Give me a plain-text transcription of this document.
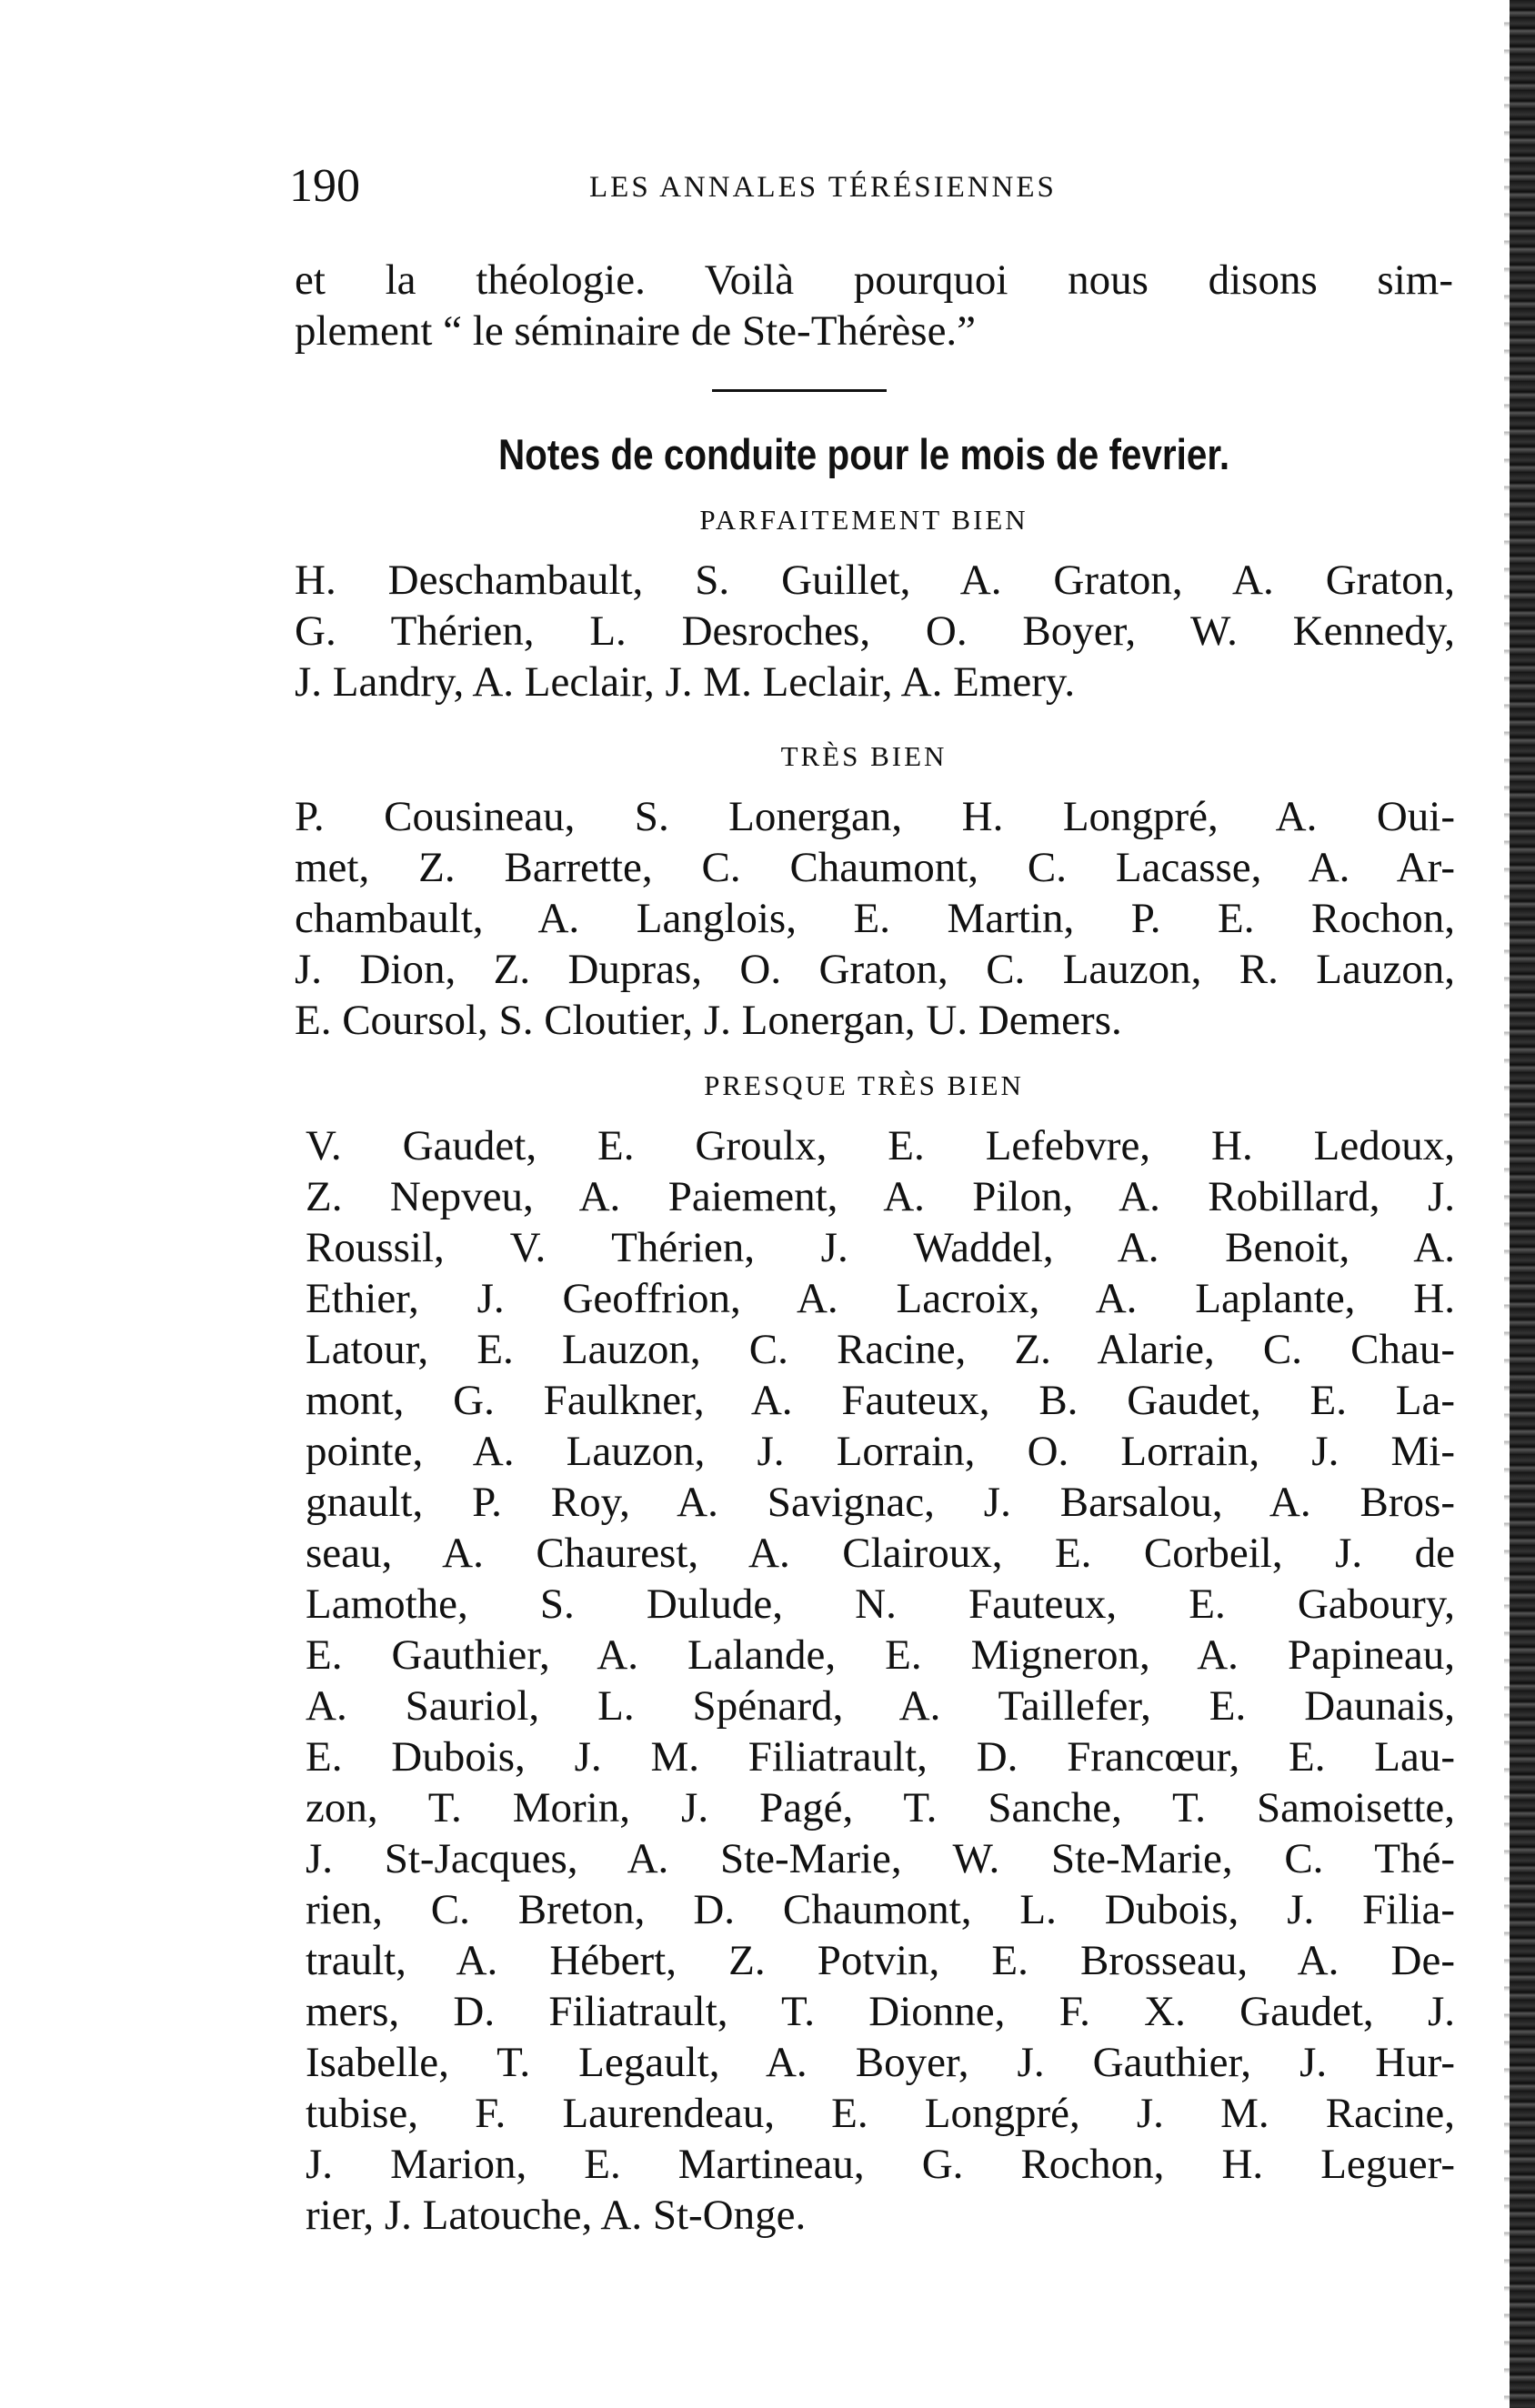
190	LES ANNALES TÉRÉSIENNES
et la théologie. Voilà pourquoi nous disons sim-
plement “ le séminaire de Ste-Thérèse.”
Notes de conduite pour le mois de fevrier.
PARFAITEMENT BIEN
H. Deschambault, S. Guillet, A. Graton, A. Graton,
G. Thérien, L. Desroches, O. Boyer, W. Kennedy,
J. Landry, A. Leclair, J. M. Leclair, A. Emery.
TRÈS BIEN
P. Cousineau, S. Lonergan, H. Longpré, A. Oui-
met, Z. Barrette, C. Chaumont, C. Lacasse, A. Ar-
chambault, A. Langlois, E. Martin, P. E. Rochon,
J. Dion, Z. Dupras, O. Graton, C. Lauzon, R. Lauzon,
E. Coursol, S. Cloutier, J. Lonergan, U. Demers.
PRESQUE TRÈS BIEN
V. Gaudet, E. Groulx, E. Lefebvre, H. Ledoux,
Z. Nepveu, A. Paiement, A. Pilon, A. Robillard, J.
Roussil, V. Thérien, J. Waddel, A. Benoit, A.
Ethier, J. Geoffrion, A. Lacroix, A. Laplante, H.
Latour, E. Lauzon, C. Racine, Z. Alarie, C. Chau-
mont, G. Faulkner, A. Fauteux, B. Gaudet, E. La-
pointe, A. Lauzon, J. Lorrain, O. Lorrain, J. Mi-
gnault, P. Roy, A. Savignac, J. Barsalou, A. Bros-
seau, A. Chaurest, A. Clairoux, E. Corbeil, J. de
Lamothe, S. Dulude, N. Fauteux, E. Gaboury,
E. Gauthier, A. Lalande, E. Migneron, A. Papineau,
A. Sauriol, L. Spénard, A. Taillefer, E. Daunais,
E. Dubois, J. M. Filiatrault, D. Francœur, E. Lau-
zon, T. Morin, J. Pagé, T. Sanche, T. Samoisette,
J. St-Jacques, A. Ste-Marie, W. Ste-Marie, C. Thé-
rien, C. Breton, D. Chaumont, L. Dubois, J. Filia-
trault, A. Hébert, Z. Potvin, E. Brosseau, A. De-
mers, D. Filiatrault, T. Dionne, F. X. Gaudet, J.
Isabelle, T. Legault, A. Boyer, J. Gauthier, J. Hur-
tubise, F. Laurendeau, E. Longpré, J. M. Racine,
J. Marion, E. Martineau, G. Rochon, H. Leguer-
rier, J. Latouche, A. St-Onge.
